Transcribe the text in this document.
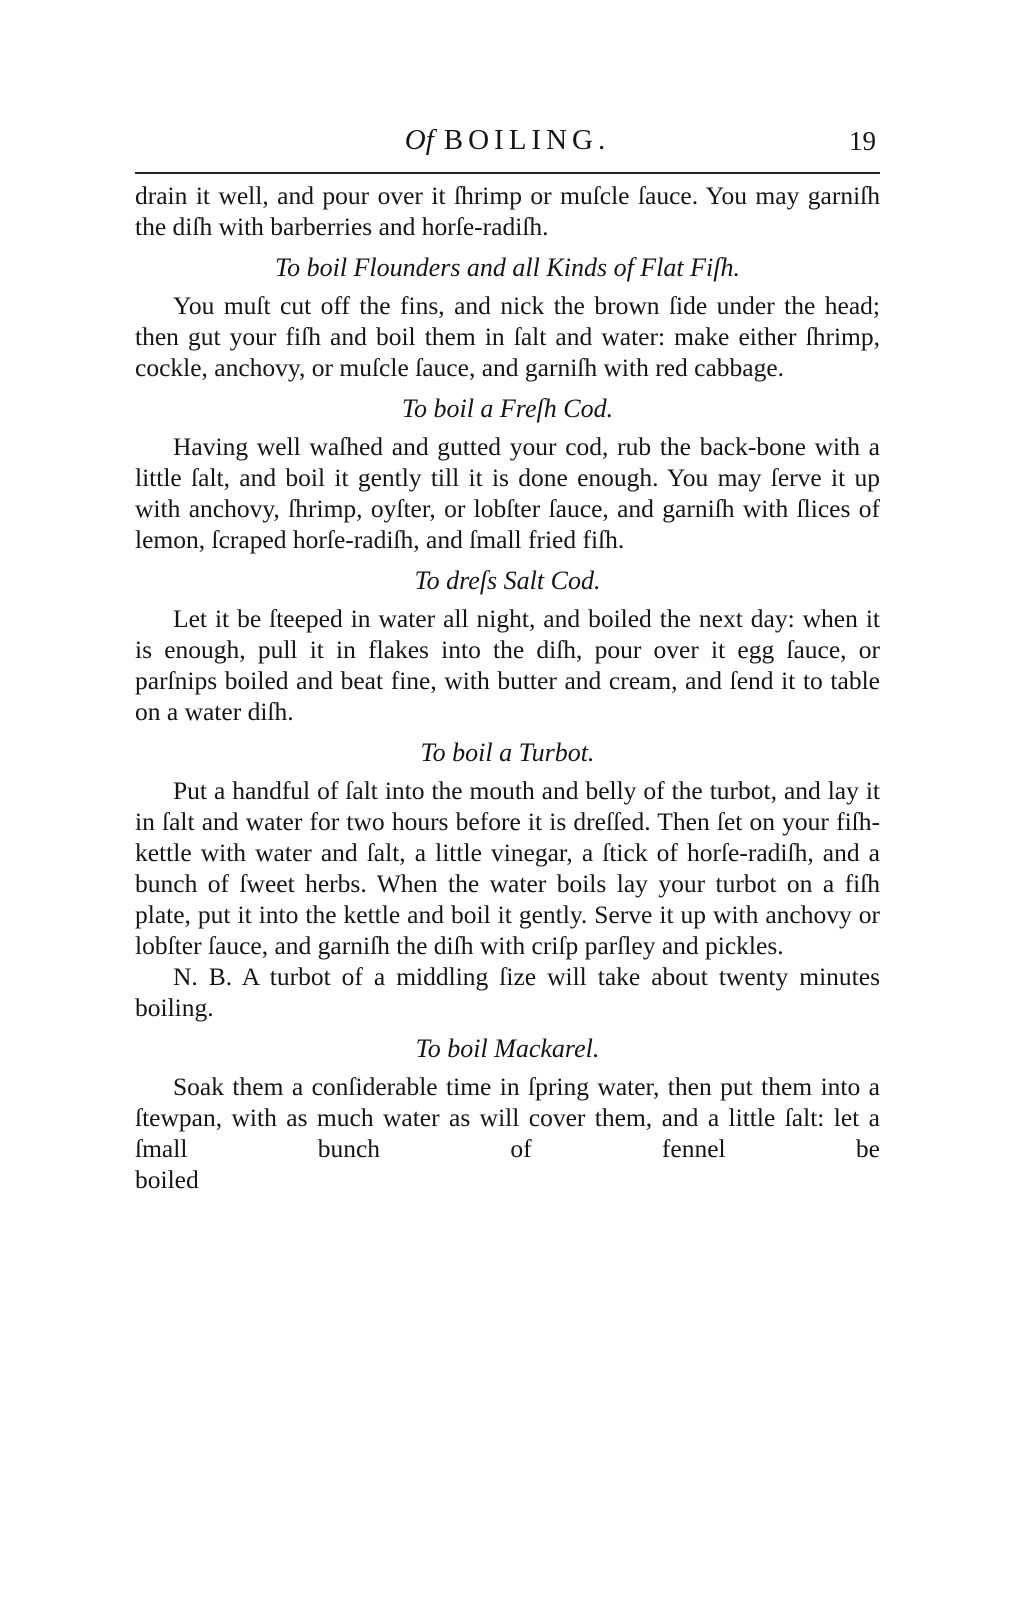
Of BOILING.	19

drain it well, and pour over it ſhrimp or muſcle ſauce. You may garniſh the diſh with barberries and horſe-radiſh.

To boil Flounders and all Kinds of Flat Fiſh.

You muſt cut off the fins, and nick the brown ſide under the head; then gut your fiſh and boil them in ſalt and water: make either ſhrimp, cockle, anchovy, or muſcle ſauce, and garniſh with red cabbage.

To boil a Freſh Cod.

Having well waſhed and gutted your cod, rub the back-bone with a little ſalt, and boil it gently till it is done enough. You may ſerve it up with anchovy, ſhrimp, oyſter, or lobſter ſauce, and garniſh with ſlices of lemon, ſcraped horſe-radiſh, and ſmall fried fiſh.

To dreſs Salt Cod.

Let it be ſteeped in water all night, and boiled the next day: when it is enough, pull it in flakes into the diſh, pour over it egg ſauce, or parſnips boiled and beat fine, with butter and cream, and ſend it to table on a water diſh.

To boil a Turbot.

Put a handful of ſalt into the mouth and belly of the turbot, and lay it in ſalt and water for two hours before it is dreſſed. Then ſet on your fiſh-kettle with water and ſalt, a little vinegar, a ſtick of horſe-radiſh, and a bunch of ſweet herbs. When the water boils lay your turbot on a fiſh plate, put it into the kettle and boil it gently. Serve it up with anchovy or lobſter ſauce, and garniſh the diſh with criſp parſley and pickles.

N. B. A turbot of a middling ſize will take about twenty minutes boiling.

To boil Mackarel.

Soak them a conſiderable time in ſpring water, then put them into a ſtewpan, with as much water as will cover them, and a little ſalt: let a ſmall bunch of fennel be

boiled
